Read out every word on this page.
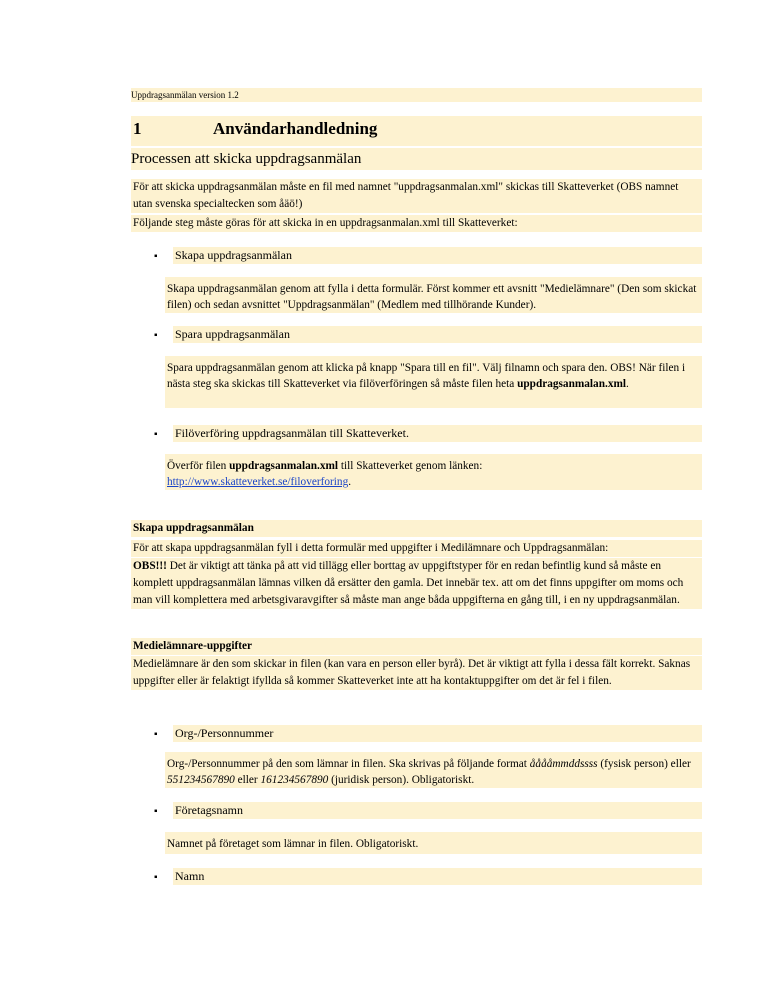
Uppdragsanmälan version 1.2
1	Användarhandledning
Processen att skicka uppdragsanmälan
För att skicka uppdragsanmälan måste en fil med namnet "uppdragsanmalan.xml" skickas till Skatteverket (OBS namnet utan svenska specialtecken som åäö!)
Följande steg måste göras för att skicka in en uppdragsanmalan.xml till Skatteverket:
▪ Skapa uppdragsanmälan
Skapa uppdragsanmälan genom att fylla i detta formulär. Först kommer ett avsnitt "Medielämnare" (Den som skickat filen) och sedan avsnittet "Uppdragsanmälan" (Medlem med tillhörande Kunder).
▪ Spara uppdragsanmälan
Spara uppdragsanmälan genom att klicka på knapp "Spara till en fil". Välj filnamn och spara den. OBS! När filen i nästa steg ska skickas till Skatteverket via filöverföringen så måste filen heta uppdragsanmalan.xml.
▪ Filöverföring uppdragsanmälan till Skatteverket.
Överför filen uppdragsanmalan.xml till Skatteverket genom länken:
http://www.skatteverket.se/filoverforing.
Skapa uppdragsanmälan
För att skapa uppdragsanmälan fyll i detta formulär med uppgifter i Medilämnare och Uppdragsanmälan:
OBS!!! Det är viktigt att tänka på att vid tillägg eller borttag av uppgiftstyper för en redan befintlig kund så måste en komplett uppdragsanmälan lämnas vilken då ersätter den gamla. Det innebär tex. att om det finns uppgifter om moms och man vill komplettera med arbetsgivaravgifter så måste man ange båda uppgifterna en gång till, i en ny uppdragsanmälan.
Medielämnare-uppgifter
Medielämnare är den som skickar in filen (kan vara en person eller byrå). Det är viktigt att fylla i dessa fält korrekt. Saknas uppgifter eller är felaktigt ifyllda så kommer Skatteverket inte att ha kontaktuppgifter om det är fel i filen.
▪ Org-/Personnummer
Org-/Personnummer på den som lämnar in filen. Ska skrivas på följande format ååååmmddssss (fysisk person) eller 551234567890 eller 161234567890 (juridisk person). Obligatoriskt.
▪ Företagsnamn
Namnet på företaget som lämnar in filen. Obligatoriskt.
▪ Namn
